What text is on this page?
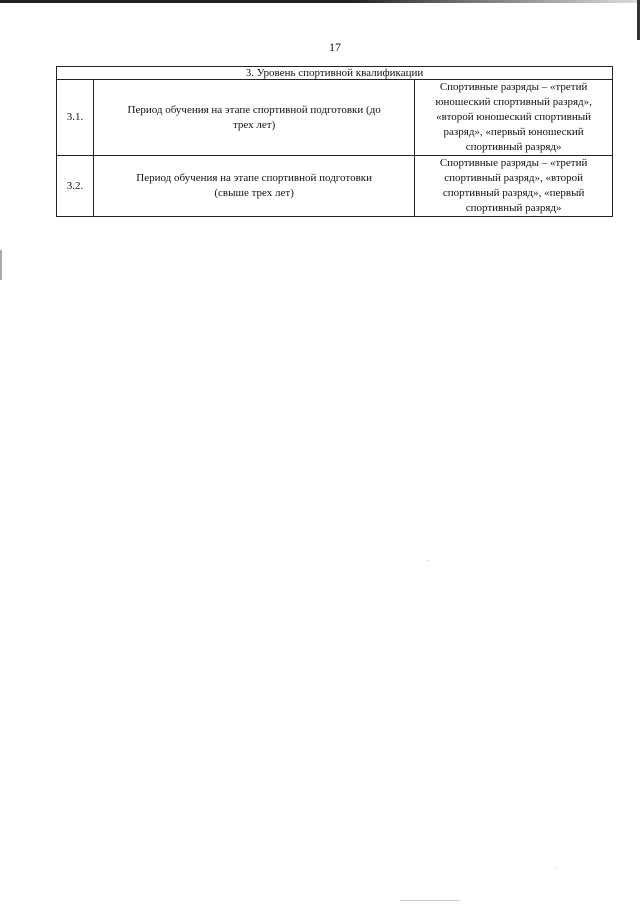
17
3. Уровень спортивной квалификации		
3.1.	Период обучения на этапе спортивной подготовки (до трех лет)	Спортивные разряды – «третий юношеский спортивный разряд», «второй юношеский спортивный разряд», «первый юношеский спортивный разряд»
3.2.	Период обучения на этапе спортивной подготовки (свыше трех лет)	Спортивные разряды – «третий спортивный разряд», «второй спортивный разряд», «первый спортивный разряд»
